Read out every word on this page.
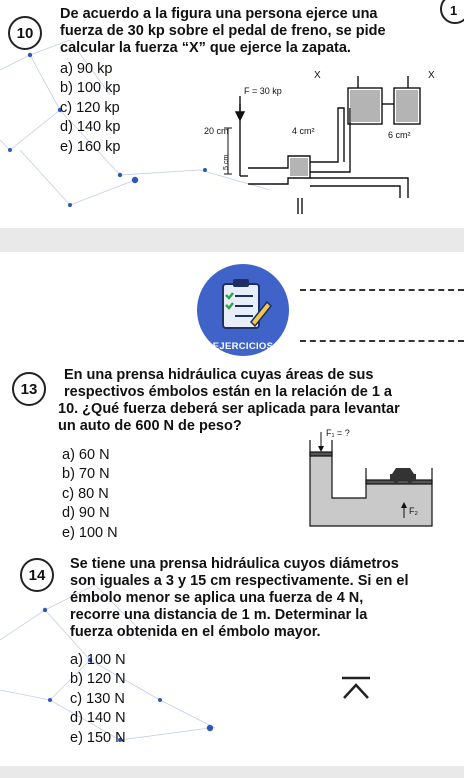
1
10
De acuerdo a la figura una persona ejerce una
fuerza de 30 kp sobre el pedal de freno, se pide
calcular la fuerza “X” que ejerce la zapata.
a) 90 kp
b) 100 kp
c) 120 kp
d) 140 kp
e) 160 kp
F = 30 kp
20 cm
5 cm
4 cm²	6 cm²
X	X
EJERCICIOS
13
En una prensa hidráulica cuyas áreas de sus
respectivos émbolos están en la relación de 1 a
10. ¿Qué fuerza deberá ser aplicada para levantar
un auto de 600 N de peso?
a) 60 N
b) 70 N
c) 80 N
d) 90 N
e) 100 N
F₁ = ?
F₂
14
Se tiene una prensa hidráulica cuyos diámetros
son iguales a 3 y 15 cm respectivamente. Si en el
émbolo menor se aplica una fuerza de 4 N,
recorre una distancia de 1 m. Determinar la
fuerza obtenida en el émbolo mayor.
a) 100 N
b) 120 N
c) 130 N
d) 140 N
e) 150 N
